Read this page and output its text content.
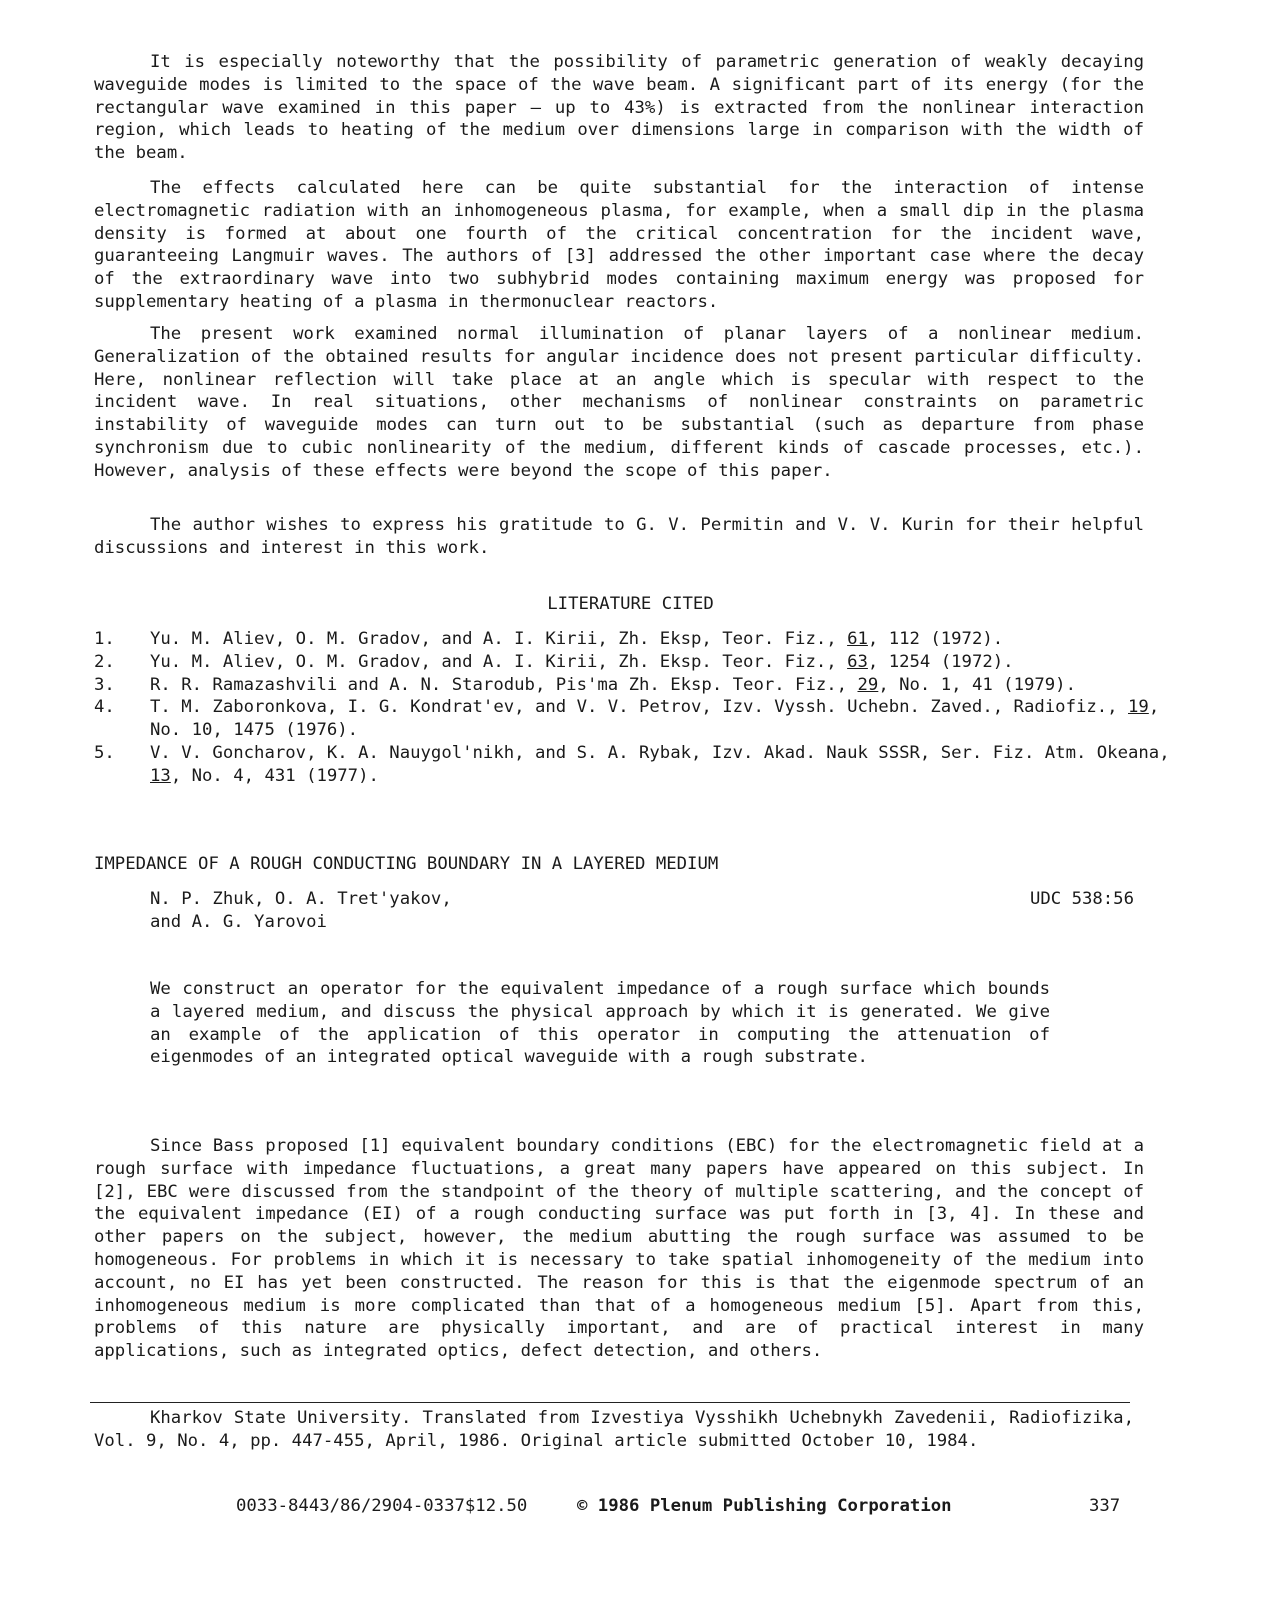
It is especially noteworthy that the possibility of parametric generation of weakly decaying waveguide modes is limited to the space of the wave beam. A significant part of its energy (for the rectangular wave examined in this paper — up to 43%) is extracted from the nonlinear interaction region, which leads to heating of the medium over dimensions large in comparison with the width of the beam.

The effects calculated here can be quite substantial for the interaction of intense electromagnetic radiation with an inhomogeneous plasma, for example, when a small dip in the plasma density is formed at about one fourth of the critical concentration for the incident wave, guaranteeing Langmuir waves. The authors of [3] addressed the other important case where the decay of the extraordinary wave into two subhybrid modes containing maximum energy was proposed for supplementary heating of a plasma in thermonuclear reactors.

The present work examined normal illumination of planar layers of a nonlinear medium. Generalization of the obtained results for angular incidence does not present particular difficulty. Here, nonlinear reflection will take place at an angle which is specular with respect to the incident wave. In real situations, other mechanisms of nonlinear constraints on parametric instability of waveguide modes can turn out to be substantial (such as departure from phase synchronism due to cubic nonlinearity of the medium, different kinds of cascade processes, etc.). However, analysis of these effects were beyond the scope of this paper.

The author wishes to express his gratitude to G. V. Permitin and V. V. Kurin for their helpful discussions and interest in this work.

LITERATURE CITED

1.	Yu. M. Aliev, O. M. Gradov, and A. I. Kirii, Zh. Eksp, Teor. Fiz., 61, 112 (1972).
2.	Yu. M. Aliev, O. M. Gradov, and A. I. Kirii, Zh. Eksp. Teor. Fiz., 63, 1254 (1972).
3.	R. R. Ramazashvili and A. N. Starodub, Pis'ma Zh. Eksp. Teor. Fiz., 29, No. 1, 41 (1979).
4.	T. M. Zaboronkova, I. G. Kondrat'ev, and V. V. Petrov, Izv. Vyssh. Uchebn. Zaved., Radiofiz., 19, No. 10, 1475 (1976).
5.	V. V. Goncharov, K. A. Nauygol'nikh, and S. A. Rybak, Izv. Akad. Nauk SSSR, Ser. Fiz. Atm. Okeana, 13, No. 4, 431 (1977).
IMPEDANCE OF A ROUGH CONDUCTING BOUNDARY IN A LAYERED MEDIUM
N. P. Zhuk, O. A. Tret'yakov,
and A. G. Yarovoi

UDC 538:56

We construct an operator for the equivalent impedance of a rough surface which bounds a layered medium, and discuss the physical approach by which it is generated. We give an example of the application of this operator in computing the attenuation of eigenmodes of an integrated optical waveguide with a rough substrate.

Since Bass proposed [1] equivalent boundary conditions (EBC) for the electromagnetic field at a rough surface with impedance fluctuations, a great many papers have appeared on this subject. In [2], EBC were discussed from the standpoint of the theory of multiple scattering, and the concept of the equivalent impedance (EI) of a rough conducting surface was put forth in [3, 4]. In these and other papers on the subject, however, the medium abutting the rough surface was assumed to be homogeneous. For problems in which it is necessary to take spatial inhomogeneity of the medium into account, no EI has yet been constructed. The reason for this is that the eigenmode spectrum of an inhomogeneous medium is more complicated than that of a homogeneous medium [5]. Apart from this, problems of this nature are physically important, and are of practical interest in many applications, such as integrated optics, defect detection, and others.

Kharkov State University. Translated from Izvestiya Vysshikh Uchebnykh Zavedenii, Radiofizika, Vol. 9, No. 4, pp. 447-455, April, 1986. Original article submitted October 10, 1984.

0033-8443/86/2904-0337$12.50	© 1986 Plenum Publishing Corporation	337
